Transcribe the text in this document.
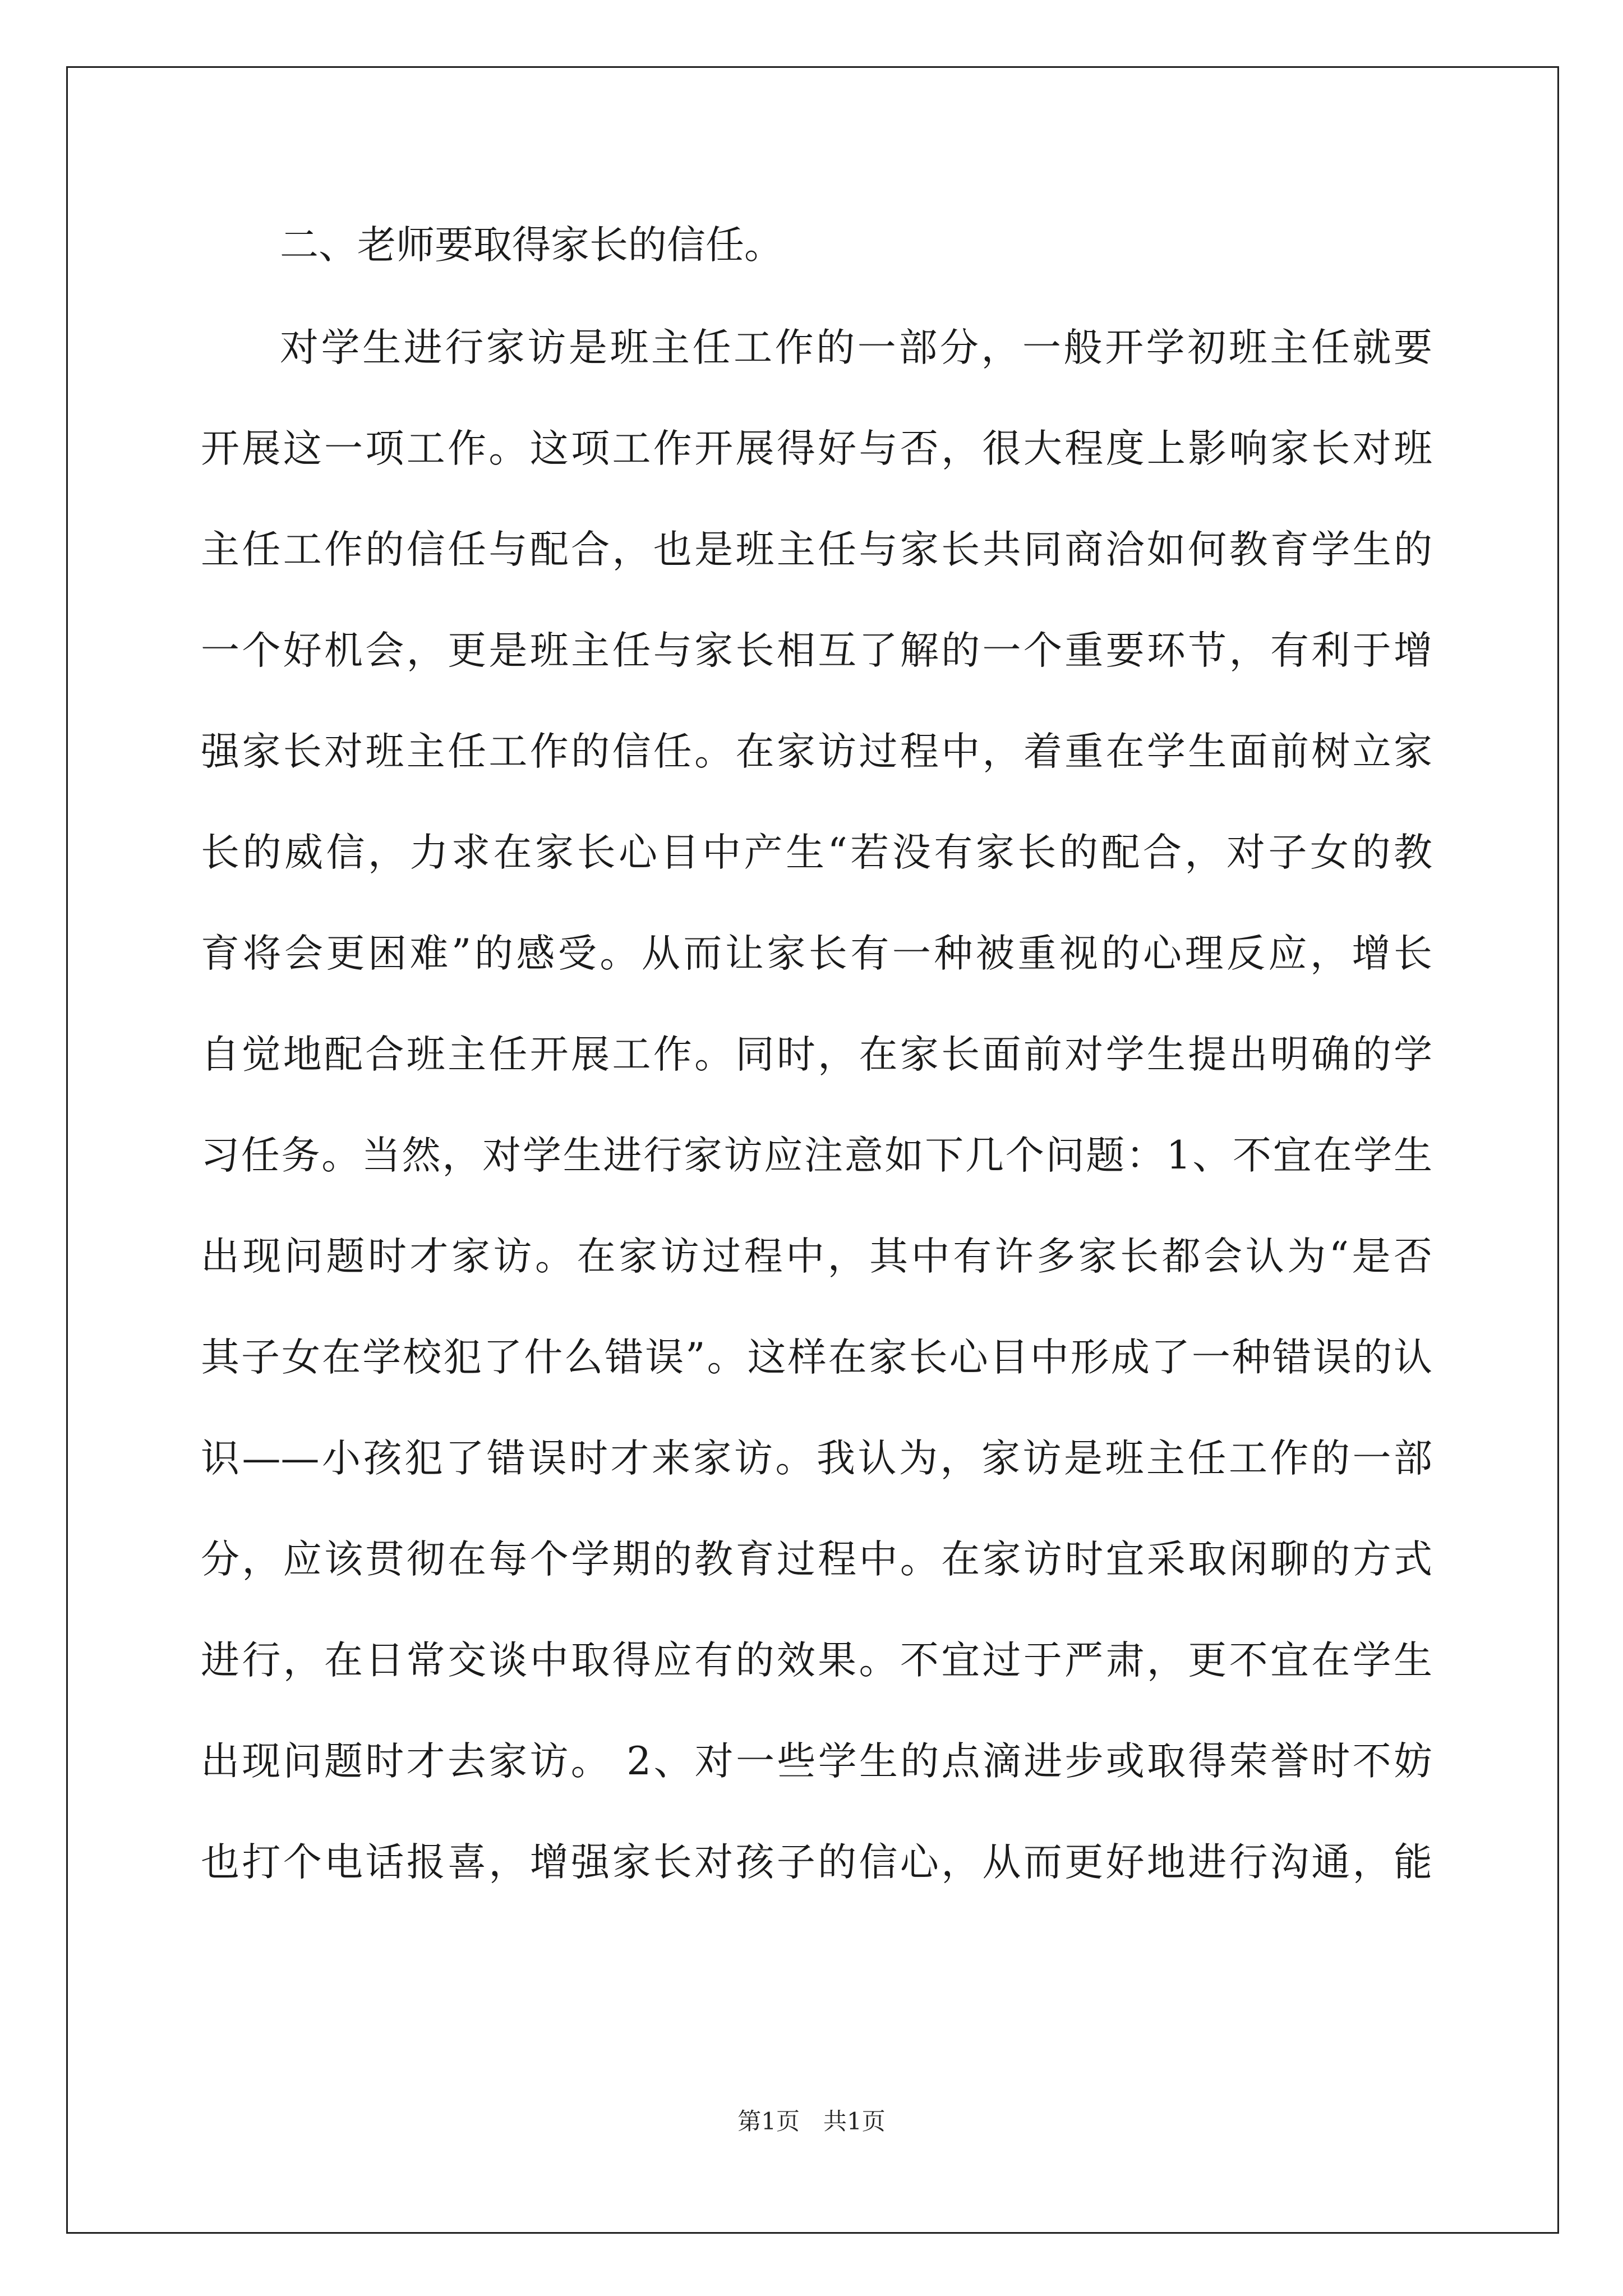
二、老师要取得家长的信任。
对学生进行家访是班主任工作的一部分，一般开学初班主任就要
开展这一项工作。这项工作开展得好与否，很大程度上影响家长对班
主任工作的信任与配合，也是班主任与家长共同商洽如何教育学生的
一个好机会，更是班主任与家长相互了解的一个重要环节，有利于增
强家长对班主任工作的信任。在家访过程中，着重在学生面前树立家
长的威信，力求在家长心目中产生“若没有家长的配合，对子女的教
育将会更困难”的感受。从而让家长有一种被重视的心理反应，增长
自觉地配合班主任开展工作。同时，在家长面前对学生提出明确的学
习任务。当然，对学生进行家访应注意如下几个问题：1、不宜在学生
出现问题时才家访。在家访过程中，其中有许多家长都会认为“是否
其子女在学校犯了什么错误”。这样在家长心目中形成了一种错误的认
识——小孩犯了错误时才来家访。我认为，家访是班主任工作的一部
分，应该贯彻在每个学期的教育过程中。在家访时宜采取闲聊的方式
进行，在日常交谈中取得应有的效果。不宜过于严肃，更不宜在学生
出现问题时才去家访。 2、对一些学生的点滴进步或取得荣誉时不妨
也打个电话报喜，增强家长对孩子的信心，从而更好地进行沟通，能
第1页　共1页
